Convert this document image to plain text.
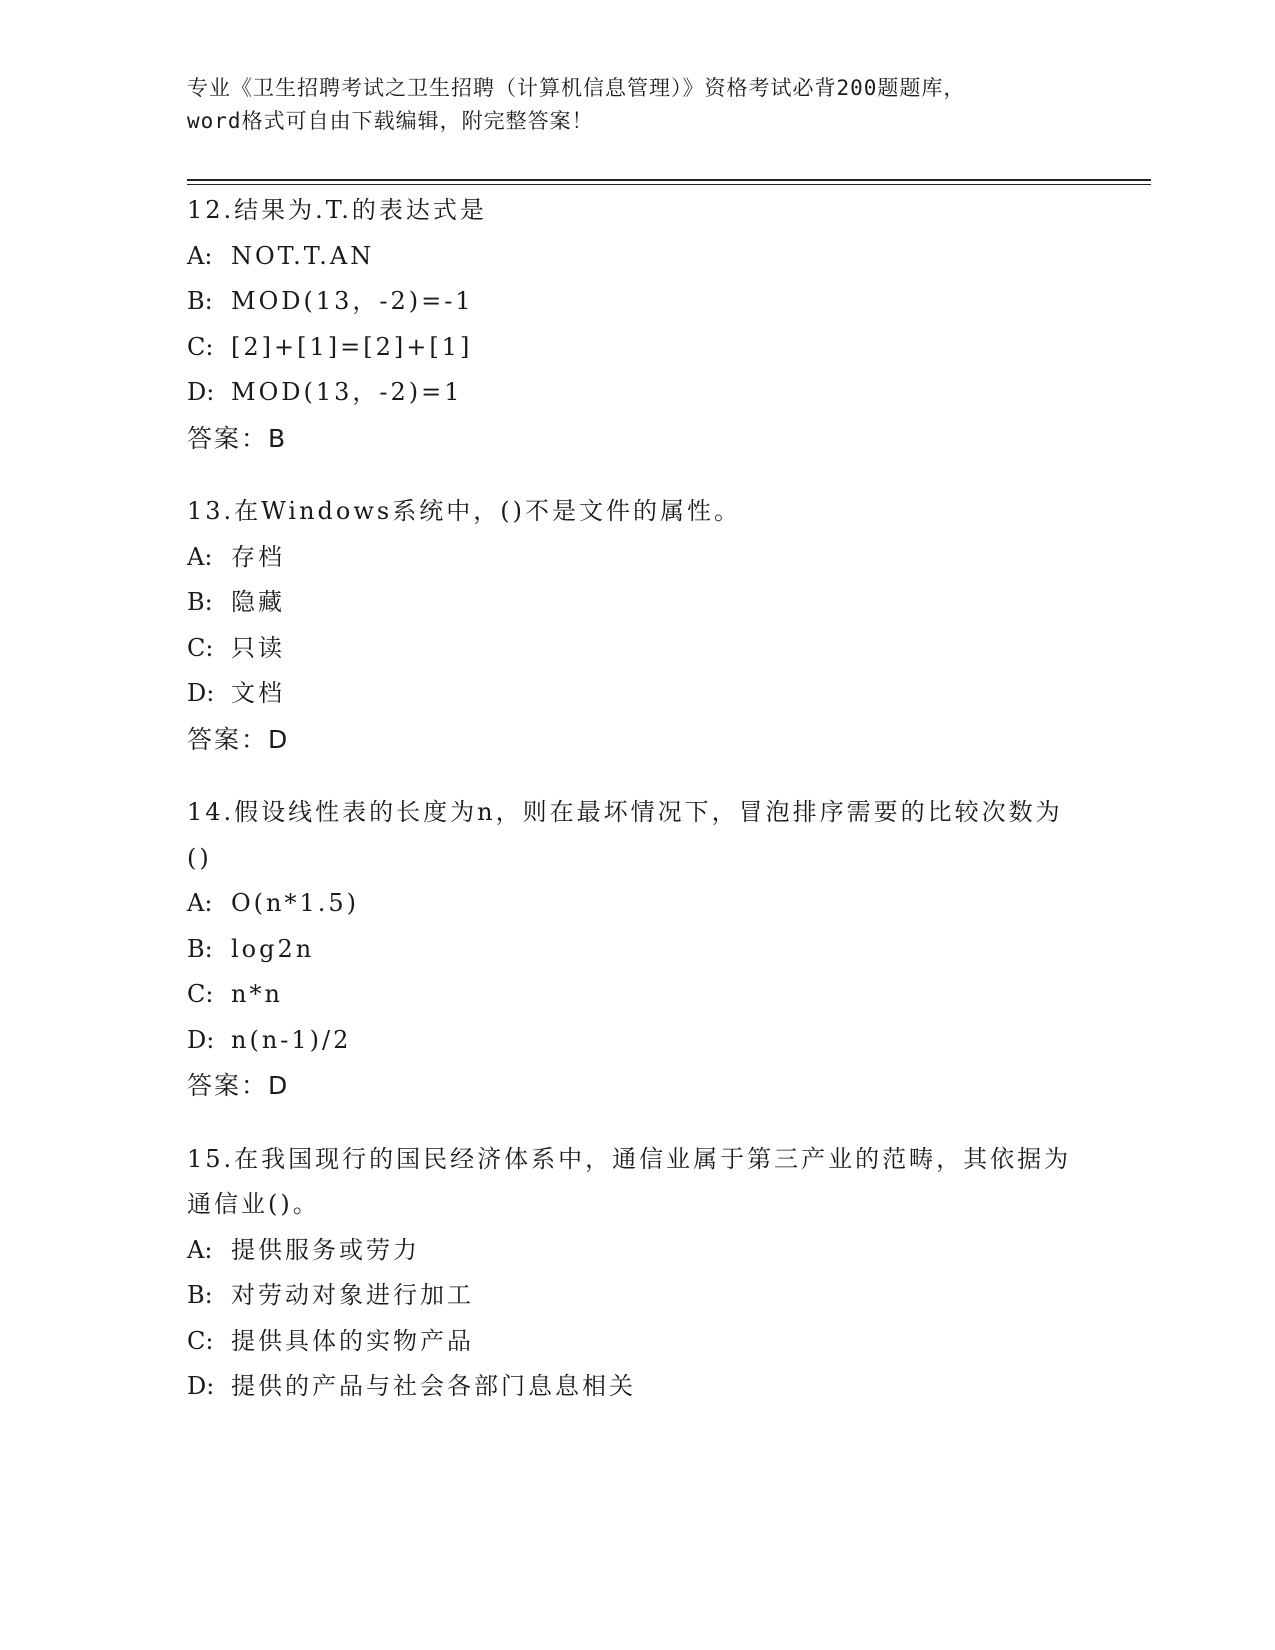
专业《卫生招聘考试之卫生招聘（计算机信息管理）》资格考试必背200题题库，
word格式可自由下载编辑，附完整答案！
12.结果为.T.的表达式是
A: NOT.T.AN
B: MOD(13，-2)=-1
C: [2]+[1]=[2]+[1]
D: MOD(13，-2)=1
答案：B
13.在Windows系统中，()不是文件的属性。
A: 存档
B: 隐藏
C: 只读
D: 文档
答案：D
14.假设线性表的长度为n，则在最坏情况下，冒泡排序需要的比较次数为()
A: O(n*1.5)
B: log2n
C: n*n
D: n(n-1)/2
答案：D
15.在我国现行的国民经济体系中，通信业属于第三产业的范畴，其依据为通信业()。
A: 提供服务或劳力
B: 对劳动对象进行加工
C: 提供具体的实物产品
D: 提供的产品与社会各部门息息相关
